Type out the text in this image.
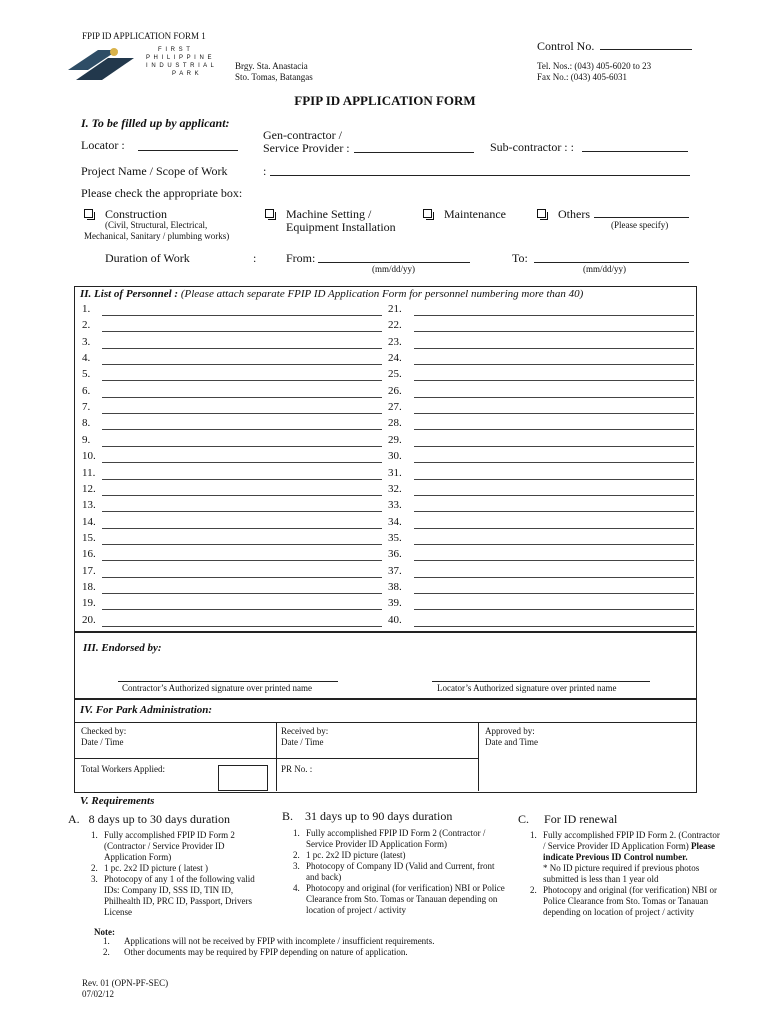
FPIP ID APPLICATION FORM 1
Control No.
F I R S T
P H I L I P P I N E
I N D U S T R I A L
P A R K
Brgy. Sta. Anastacia
Sto. Tomas, Batangas
Tel. Nos.: (043) 405-6020 to 23
Fax No.: (043) 405-6031
FPIP ID APPLICATION FORM
I. To be filled up by applicant:
Locator :
Gen-contractor /
Service Provider :	Sub-contractor : :
Project Name / Scope of Work	:
Please check the appropriate box:
Construction
(Civil, Structural, Electrical,
Mechanical, Sanitary / plumbing works)
Machine Setting /
Equipment Installation
Maintenance	Others
(Please specify)
Duration of Work	: From:
(mm/dd/yy)
To:
(mm/dd/yy)
II. List of Personnel : (Please attach separate FPIP ID Application Form for personnel numbering more than 40)
1.
2.
3.
4.
5.
6.
7.
8.
9.
10.
11.
12.
13.
14.
15.
16.
17.
18.
19.
20.
21.
22.
23.
24.
25.
26.
27.
28.
29.
30.
31.
32.
33.
34.
35.
36.
37.
38.
39.
40.
III. Endorsed by:
Contractor’s Authorized signature over printed name	Locator’s Authorized signature over printed name
IV. For Park Administration:
Checked by:
Date / Time
Received by:
Date / Time
Approved by:
Date and Time
Total Workers Applied:	PR No. :
V. Requirements
A. 8 days up to 30 days duration	B. 31 days up to 90 days duration	C. For ID renewal
1. Fully accomplished FPIP ID Form 2 (Contractor / Service Provider ID Application Form)
2. 1 pc. 2x2 ID picture ( latest )
3. Photocopy of any 1 of the following valid IDs: Company ID, SSS ID, TIN ID, Philhealth ID, PRC ID, Passport, Drivers License
1. Fully accomplished FPIP ID Form 2 (Contractor / Service Provider ID Application Form)
2. 1 pc. 2x2 ID picture (latest)
3. Photocopy of Company ID (Valid and Current, front and back)
4. Photocopy and original (for verification) NBI or Police Clearance from Sto. Tomas or Tanauan depending on location of project / activity
1. Fully accomplished FPIP ID Form 2. (Contractor / Service Provider ID Application Form) Please indicate Previous ID Control number.
* No ID picture required if previous photos submitted is less than 1 year old
2. Photocopy and original (for verification) NBI or Police Clearance from Sto. Tomas or Tanauan depending on location of project / activity
Note:
1. Applications will not be received by FPIP with incomplete / insufficient requirements.
2. Other documents may be required by FPIP depending on nature of application.
Rev. 01 (OPN-PF-SEC)
07/02/12
